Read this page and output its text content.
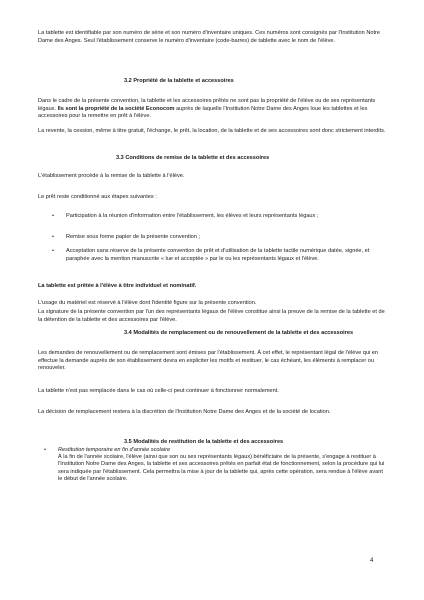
La tablette est identifiable par son numéro de série et son numéro d'inventaire uniques. Ces numéros sont consignés par l'Institution Notre Dame des Anges. Seul l'établissement conserve le numéro d'inventaire (code-barres) de tablette avec le nom de l'élève.

3.2 Propriété de la tablette et accessoires

Dans le cadre de la présente convention, la tablette et les accessoires prêtés ne sont pas la propriété de l'élève ou de ses représentants légaux. Ils sont la propriété de la société Econocom auprès de laquelle l'Institution Notre Dame des Anges loue les tablettes et les accessoires pour la remettre en prêt à l'élève.

La revente, la cession, même à titre gratuit, l'échange, le prêt, la location, de la tablette et de ses accessoires sont donc strictement interdits.

3.3 Conditions de remise de la tablette et des accessoires

L'établissement procède à la remise de la tablette à l'élève.

Le prêt reste conditionné aux étapes suivantes :

• Participation à la réunion d'information entre l'établissement, les élèves et leurs représentants légaux ;

• Remise sous forme papier de la présente convention ;

• Acceptation sans réserve de la présente convention de prêt et d'utilisation de la tablette tactile numérique datée, signée, et paraphée avec la mention manuscrite « lue et acceptée » par le ou les représentants légaux et l'élève.

La tablette est prêtée à l'élève à titre individuel et nominatif.

L'usage du matériel est réservé à l'élève dont l'identité figure sur la présente convention.

La signature de la présente convention par l'un des représentants légaux de l'élève constitue ainsi la preuve de la remise de la tablette et de la détention de la tablette et des accessoires par l'élève.

3.4 Modalités de remplacement ou de renouvellement de la tablette et des accessoires

Les demandes de renouvellement ou de remplacement sont émises par l'établissement. À cet effet, le représentant légal de l'élève qui en effectue la demande auprès de son établissement devra en expliciter les motifs et restituer, le cas échéant, les éléments à remplacer ou renouveler.

La tablette n'est pas remplacée dans le cas où celle-ci peut continuer à fonctionner normalement.

La décision de remplacement restera à la discrétion de l'Institution Notre Dame des Anges et de la société de location.

3.5 Modalités de restitution de la tablette et des accessoires

• Restitution temporaire en fin d'année scolaire
À la fin de l'année scolaire, l'élève (ainsi que son ou ses représentants légaux) bénéficiaire de la présente, s'engage à restituer à l'Institution Notre Dame des Anges, la tablette et ses accessoires prêtés en parfait état de fonctionnement, selon la procédure qui lui sera indiquée par l'établissement. Cela permettra la mise à jour de la tablette qui, après cette opération, sera rendue à l'élève avant le début de l'année scolaire.

4
